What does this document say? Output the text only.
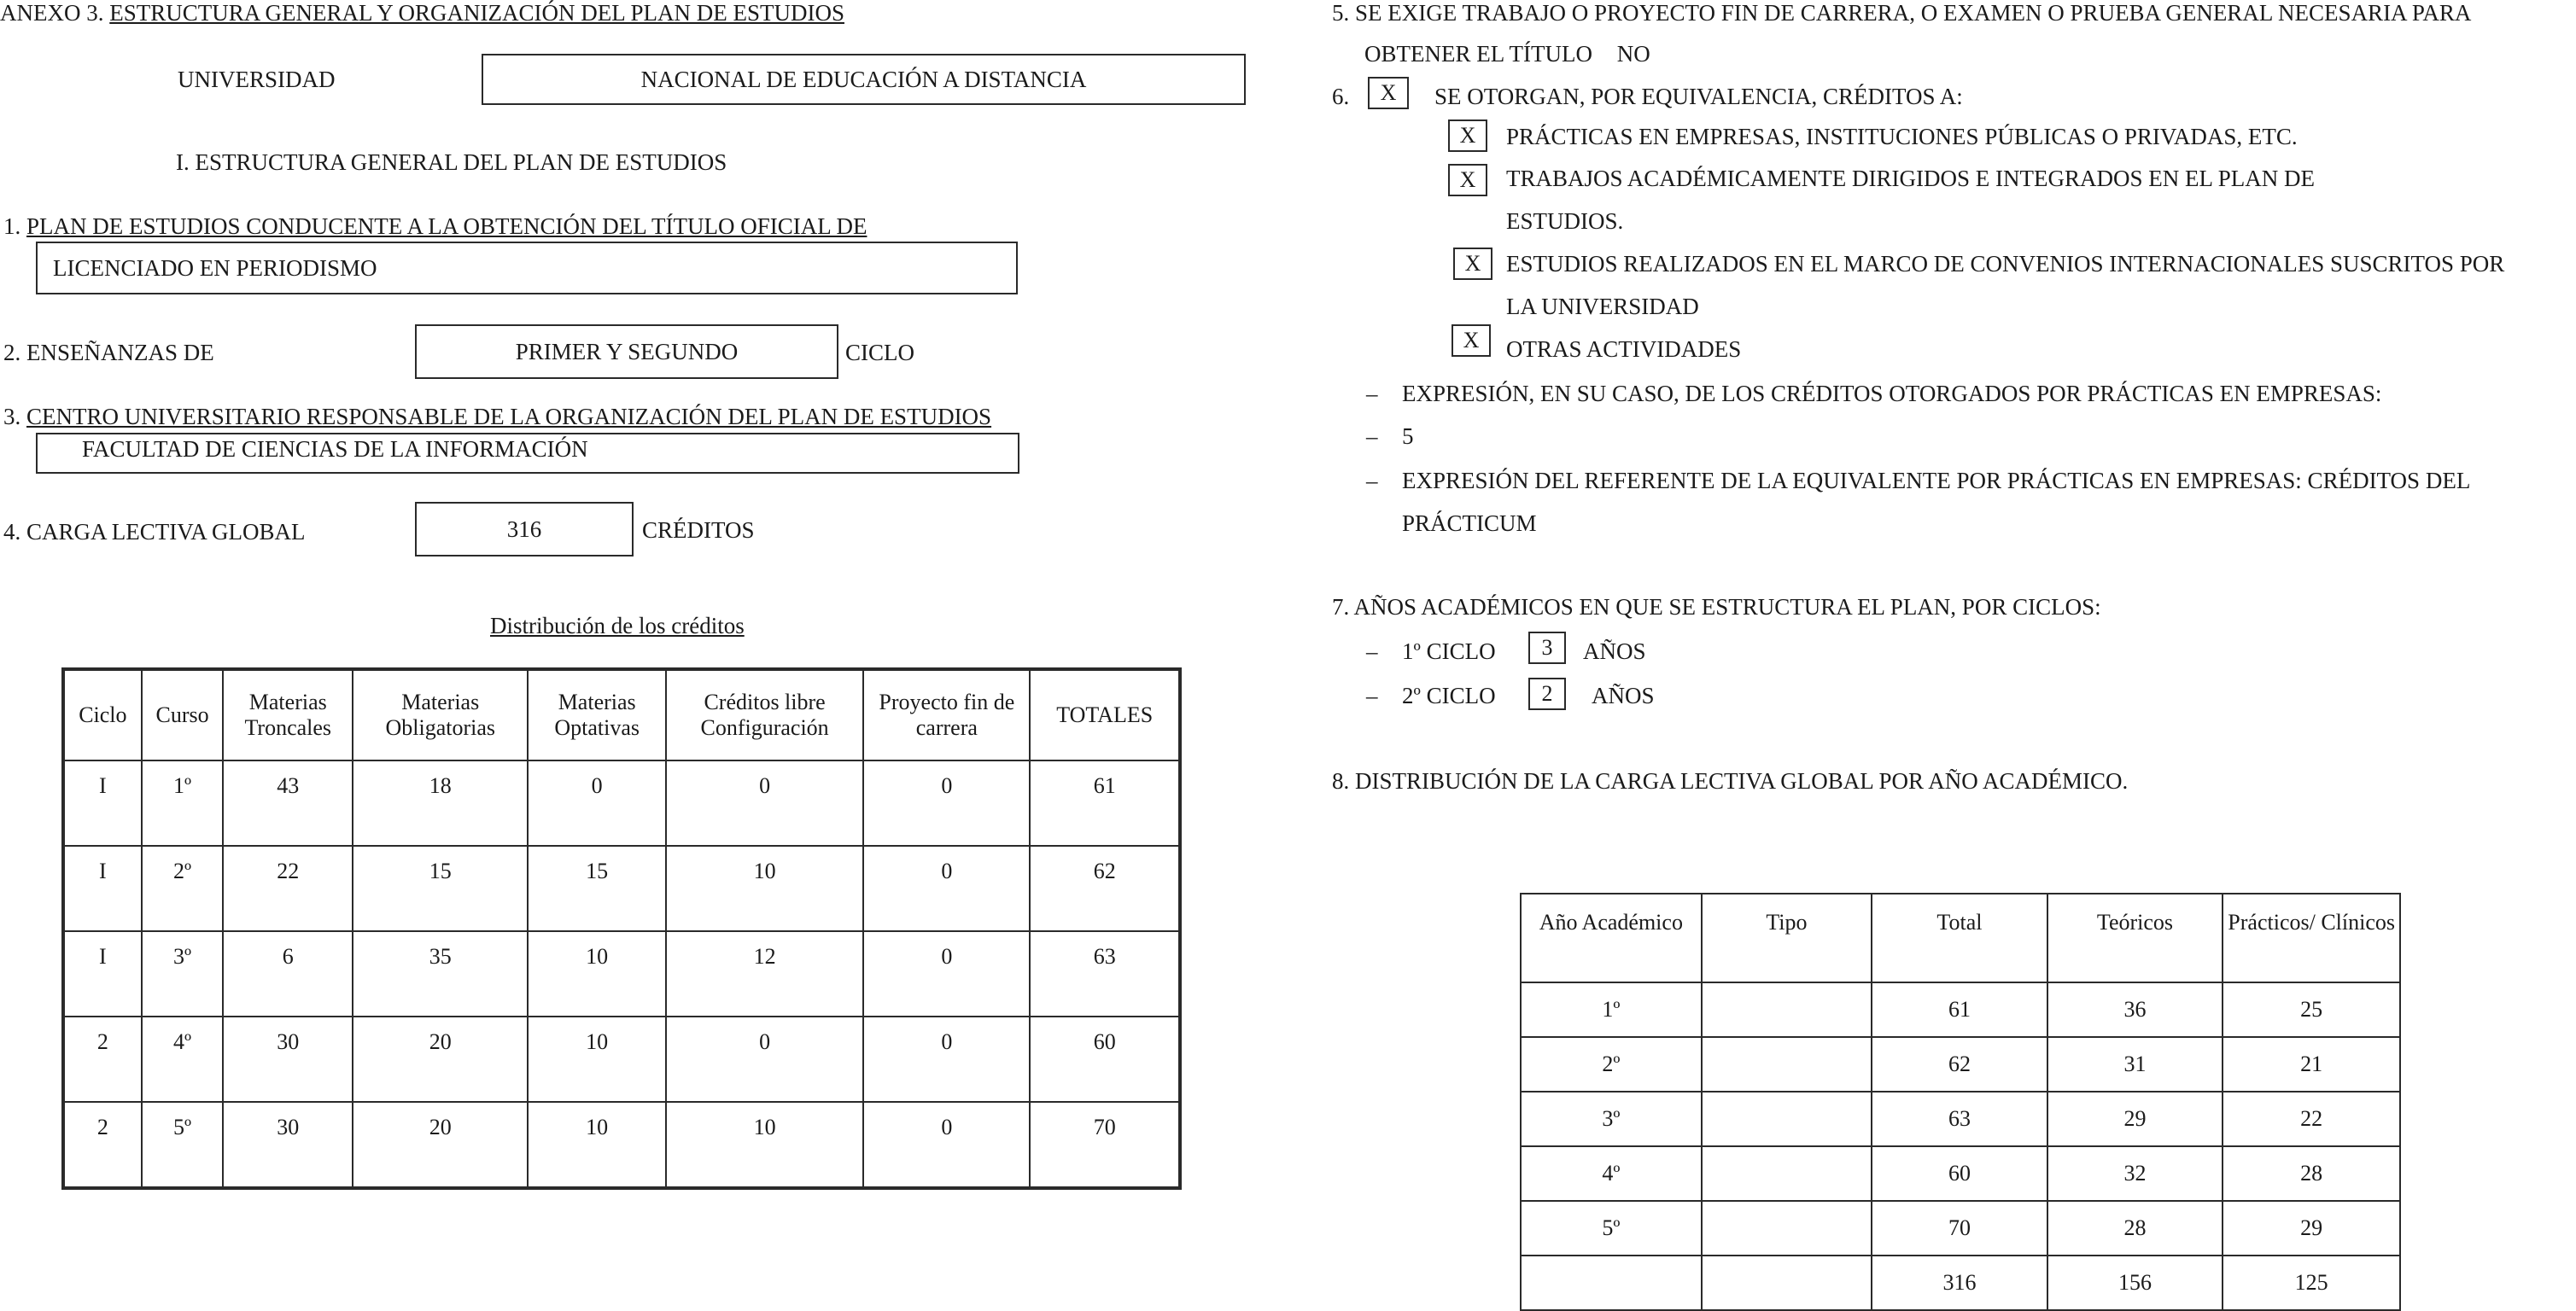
ANEXO 3. ESTRUCTURA GENERAL Y ORGANIZACIÓN DEL PLAN DE ESTUDIOS
UNIVERSIDAD	NACIONAL DE EDUCACIÓN A DISTANCIA
I. ESTRUCTURA GENERAL DEL PLAN DE ESTUDIOS
1. PLAN DE ESTUDIOS CONDUCENTE A LA OBTENCIÓN DEL TÍTULO OFICIAL DE
LICENCIADO EN PERIODISMO
2. ENSEÑANZAS DE	PRIMER Y SEGUNDO	CICLO
3. CENTRO UNIVERSITARIO RESPONSABLE DE LA ORGANIZACIÓN DEL PLAN DE ESTUDIOS
FACULTAD DE CIENCIAS DE LA INFORMACIÓN
4. CARGA LECTIVA GLOBAL	316	CRÉDITOS
Distribución de los créditos
Ciclo	Curso	Materias Troncales	Materias Obligatorias	Materias Optativas	Créditos libre Configuración	Proyecto fin de carrera	TOTALES
I	1º	43	18	0	0	0	61
I	2º	22	15	15	10	0	62
I	3º	6	35	10	12	0	63
2	4º	30	20	10	0	0	60
2	5º	30	20	10	10	0	70
5. SE EXIGE TRABAJO O PROYECTO FIN DE CARRERA, O EXAMEN O PRUEBA GENERAL NECESARIA PARA
OBTENER EL TÍTULO NO
6. X SE OTORGAN, POR EQUIVALENCIA, CRÉDITOS A:
X PRÁCTICAS EN EMPRESAS, INSTITUCIONES PÚBLICAS O PRIVADAS, ETC.
X TRABAJOS ACADÉMICAMENTE DIRIGIDOS E INTEGRADOS EN EL PLAN DE
ESTUDIOS.
X ESTUDIOS REALIZADOS EN EL MARCO DE CONVENIOS INTERNACIONALES SUSCRITOS POR
LA UNIVERSIDAD
X OTRAS ACTIVIDADES
– EXPRESIÓN, EN SU CASO, DE LOS CRÉDITOS OTORGADOS POR PRÁCTICAS EN EMPRESAS:
– 5
– EXPRESIÓN DEL REFERENTE DE LA EQUIVALENTE POR PRÁCTICAS EN EMPRESAS: CRÉDITOS DEL
PRÁCTICUM
7. AÑOS ACADÉMICOS EN QUE SE ESTRUCTURA EL PLAN, POR CICLOS:
– 1º CICLO 3 AÑOS
– 2º CICLO 2 AÑOS
8. DISTRIBUCIÓN DE LA CARGA LECTIVA GLOBAL POR AÑO ACADÉMICO.
Año Académico	Tipo	Total	Teóricos	Prácticos/ Clínicos
1º		61	36	25
2º		62	31	21
3º		63	29	22
4º		60	32	28
5º		70	28	29
		316	156	125
